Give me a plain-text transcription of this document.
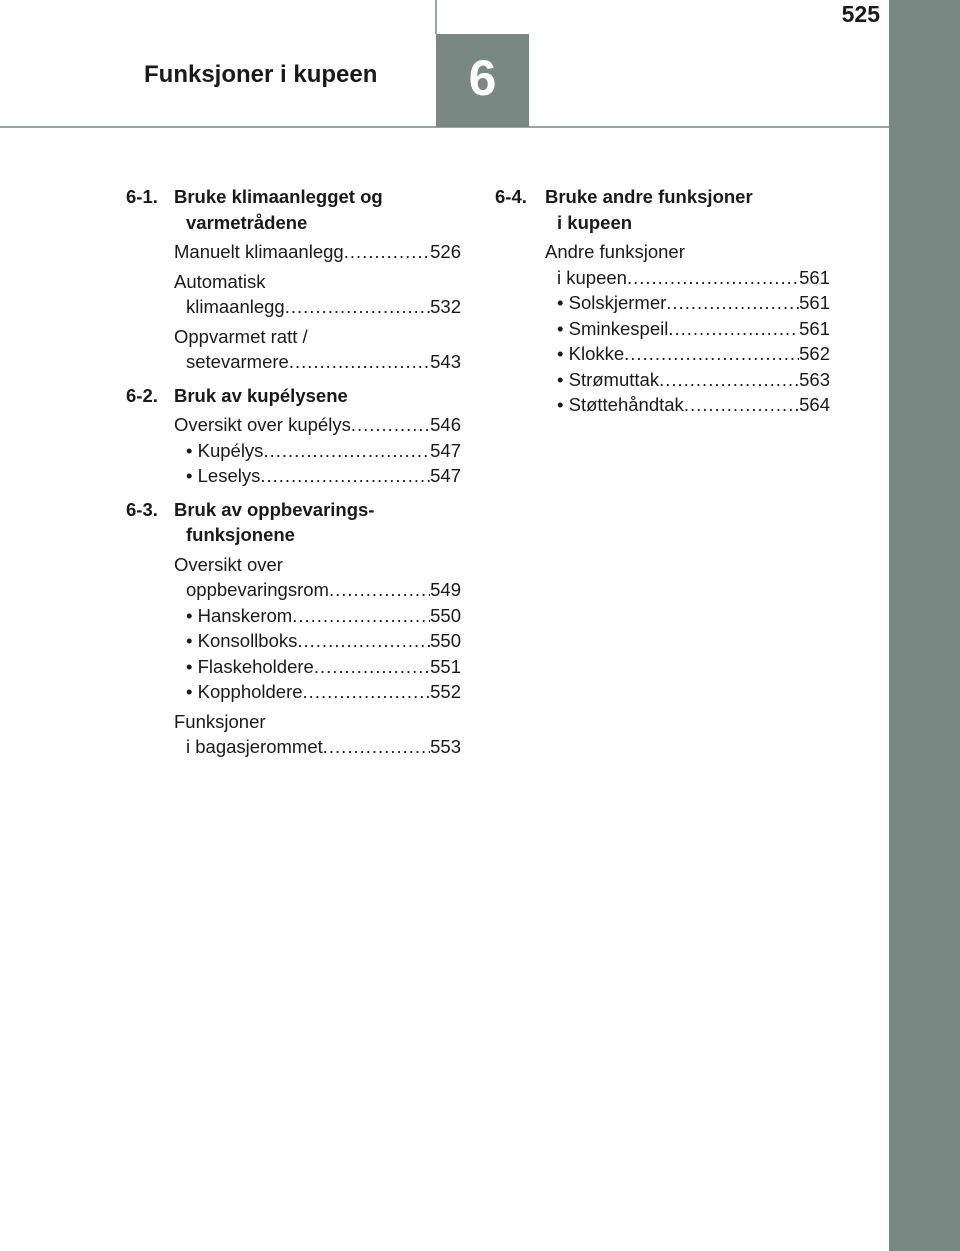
525
Funksjoner i kupeen	6
6-1. Bruke klimaanlegget og
varmetrådene
Manuelt klimaanlegg .....	526
Automatisk
klimaanlegg .....	532
Oppvarmet ratt /
setevarmere .....	543
6-2. Bruk av kupélysene
Oversikt over kupélys .....	546
• Kupélys .....	547
• Leselys .....	547
6-3. Bruk av oppbevarings-
funksjonene
Oversikt over
oppbevaringsrom .....	549
• Hanskerom .....	550
• Konsollboks .....	550
• Flaskeholdere .....	551
• Koppholdere .....	552
Funksjoner
i bagasjerommet .....	553
6-4. Bruke andre funksjoner
i kupeen
Andre funksjoner
i kupeen .....	561
• Solskjermer .....	561
• Sminkespeil .....	561
• Klokke .....	562
• Strømuttak .....	563
• Støttehåndtak .....	564
